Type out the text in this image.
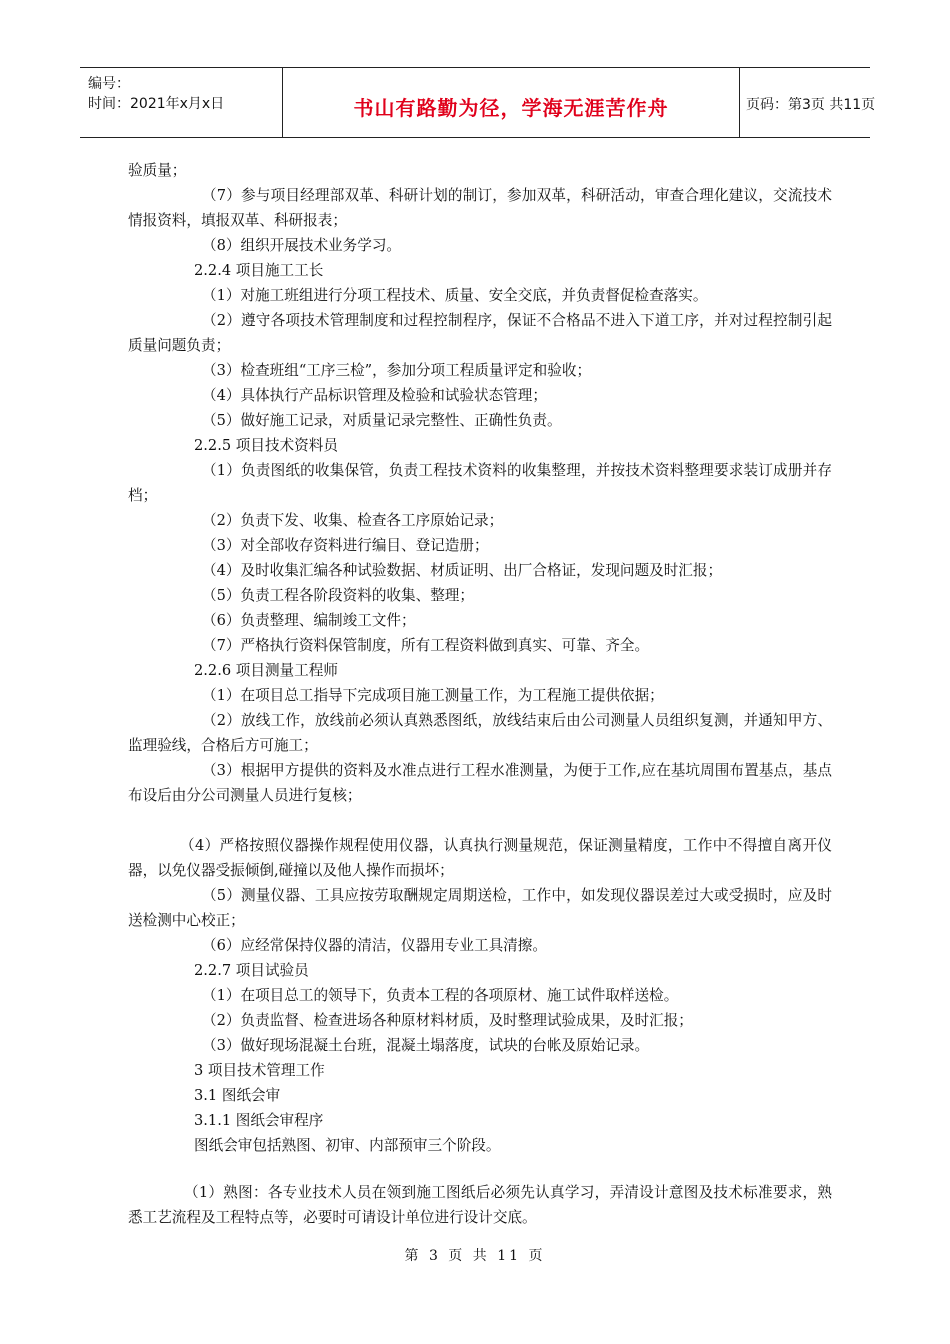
编号：
时间：2021年x月x日	书山有路勤为径，学海无涯苦作舟	页码：第3页 共11页

验质量；

（7）参与项目经理部双革、科研计划的制订，参加双革，科研活动，审查合理化建议，交流技术情报资料，填报双革、科研报表；

（8）组织开展技术业务学习。

2.2.4 项目施工工长

（1）对施工班组进行分项工程技术、质量、安全交底，并负责督促检查落实。

（2）遵守各项技术管理制度和过程控制程序，保证不合格品不进入下道工序，并对过程控制引起质量问题负责；

（3）检查班组“工序三检”，参加分项工程质量评定和验收；

（4）具体执行产品标识管理及检验和试验状态管理；

（5）做好施工记录，对质量记录完整性、正确性负责。

2.2.5 项目技术资料员

（1）负责图纸的收集保管，负责工程技术资料的收集整理，并按技术资料整理要求装订成册并存档；

（2）负责下发、收集、检查各工序原始记录；

（3）对全部收存资料进行编目、登记造册；

（4）及时收集汇编各种试验数据、材质证明、出厂合格证，发现问题及时汇报；

（5）负责工程各阶段资料的收集、整理；

（6）负责整理、编制竣工文件；

（7）严格执行资料保管制度，所有工程资料做到真实、可靠、齐全。

2.2.6 项目测量工程师

（1）在项目总工指导下完成项目施工测量工作，为工程施工提供依据；

（2）放线工作，放线前必须认真熟悉图纸，放线结束后由公司测量人员组织复测，并通知甲方、监理验线，合格后方可施工；

（3）根据甲方提供的资料及水准点进行工程水准测量，为便于工作,应在基坑周围布置基点，基点布设后由分公司测量人员进行复核；

（4）严格按照仪器操作规程使用仪器，认真执行测量规范，保证测量精度，工作中不得擅自离开仪器，以免仪器受振倾倒,碰撞以及他人操作而损坏；

（5）测量仪器、工具应按劳取酬规定周期送检，工作中，如发现仪器误差过大或受损时，应及时送检测中心校正；

（6）应经常保持仪器的清洁，仪器用专业工具清擦。

2.2.7 项目试验员

（1）在项目总工的领导下，负责本工程的各项原材、施工试件取样送检。

（2）负责监督、检查进场各种原材料材质，及时整理试验成果，及时汇报；

（3）做好现场混凝土台班，混凝土塌落度，试块的台帐及原始记录。

3 项目技术管理工作

3.1 图纸会审

3.1.1 图纸会审程序

图纸会审包括熟图、初审、内部预审三个阶段。

（1）熟图：各专业技术人员在领到施工图纸后必须先认真学习，弄清设计意图及技术标准要求，熟悉工艺流程及工程特点等，必要时可请设计单位进行设计交底。

第 3 页 共 11 页
